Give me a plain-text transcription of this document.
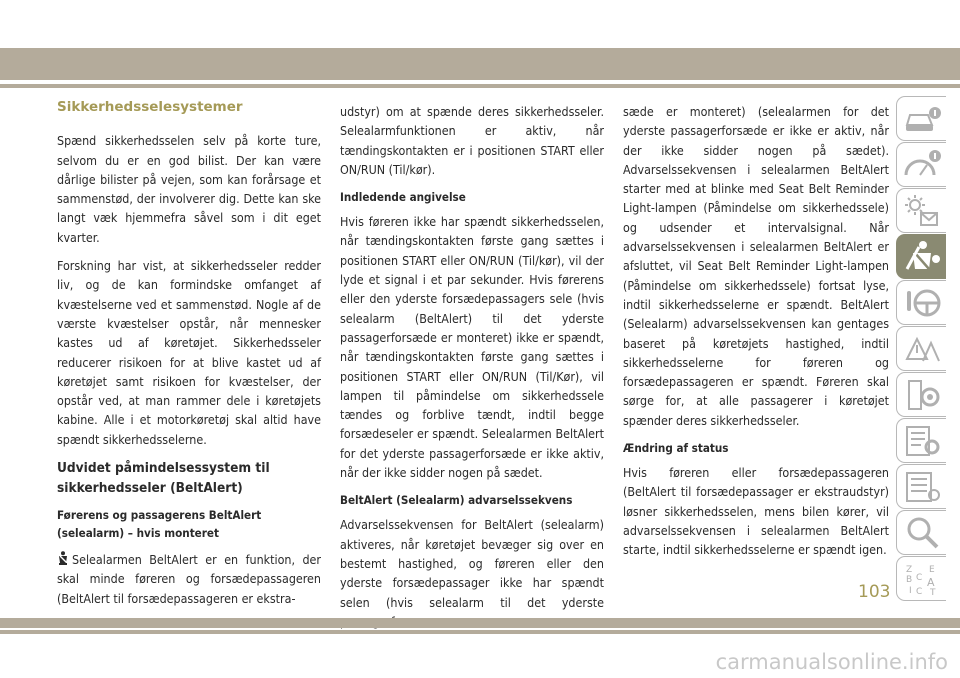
Sikkerhedsselesystemer

Spænd sikkerhedsselen selv på korte ture, selvom du er en god bilist. Der kan være dårlige bilister på vejen, som kan forårsage et sammenstød, der involverer dig. Dette kan ske langt væk hjemmefra såvel som i dit eget kvarter.

Forskning har vist, at sikkerhedsseler redder liv, og de kan formindske omfanget af kvæstelserne ved et sammenstød. Nogle af de værste kvæstelser opstår, når mennesker kastes ud af køretøjet. Sikkerhedsseler reducerer risikoen for at blive kastet ud af køretøjet samt risikoen for kvæstelser, der opstår ved, at man rammer dele i køretøjets kabine. Alle i et motorkøretøj skal altid have spændt sikkerhedsselerne.

Udvidet påmindelsessystem til sikkerhedsseler (BeltAlert)
Førerens og passagerens BeltAlert (selealarm) – hvis monteret

Selealarmen BeltAlert er en funktion, der skal minde føreren og forsædepassageren (BeltAlert til forsædepassageren er ekstra-

udstyr) om at spænde deres sikkerhedsseler. Selealarmfunktionen er aktiv, når tændingskontakten er i positionen START eller ON/RUN (Til/kør).

Indledende angivelse

Hvis føreren ikke har spændt sikkerhedsselen, når tændingskontakten første gang sættes i positionen START eller ON/RUN (Til/kør), vil der lyde et signal i et par sekunder. Hvis førerens eller den yderste forsædepassagers sele (hvis selealarm (BeltAlert) til det yderste passagerforsæde er monteret) ikke er spændt, når tændingskontakten første gang sættes i positionen START eller ON/RUN (Til/Kør), vil lampen til påmindelse om sikkerhedssele tændes og forblive tændt, indtil begge forsædeseler er spændt. Selealarmen BeltAlert for det yderste passagerforsæde er ikke aktiv, når der ikke sidder nogen på sædet.

BeltAlert (Selealarm) advarselssekvens

Advarselssekvensen for BeltAlert (selealarm) aktiveres, når køretøjet bevæger sig over en bestemt hastighed, og føreren eller den yderste forsædepassager ikke har spændt selen (hvis selealarm til det yderste

sæde er monteret) (selealarmen for det yderste passagerforsæde er ikke er aktiv, når der ikke sidder nogen på sædet). Advarselssekvensen i selealarmen BeltAlert starter med at blinke med Seat Belt Reminder Light-lampen (Påmindelse om sikkerhedssele) og udsender et intervalsignal. Når advarselssekvensen i selealarmen BeltAlert er afsluttet, vil Seat Belt Reminder Light-lampen (Påmindelse om sikkerhedssele) fortsat lyse, indtil sikkerhedsselerne er spændt. BeltAlert (Selealarm) advarselssekvensen kan gentages baseret på køretøjets hastighed, indtil sikkerhedsselerne for føreren og forsædepassageren er spændt. Føreren skal sørge for, at alle passagerer i køretøjet spænder deres sikkerhedsseler.

Ændring af status

Hvis føreren eller forsædepassageren (BeltAlert til forsædepassager er ekstraudstyr) løsner sikkerhedsselen, mens bilen kører, vil advarselssekvensen i selealarmen BeltAlert starte, indtil sikkerhedsselerne er spændt igen.

Z E
B C A
I C T
103
carmanualsonline.info
